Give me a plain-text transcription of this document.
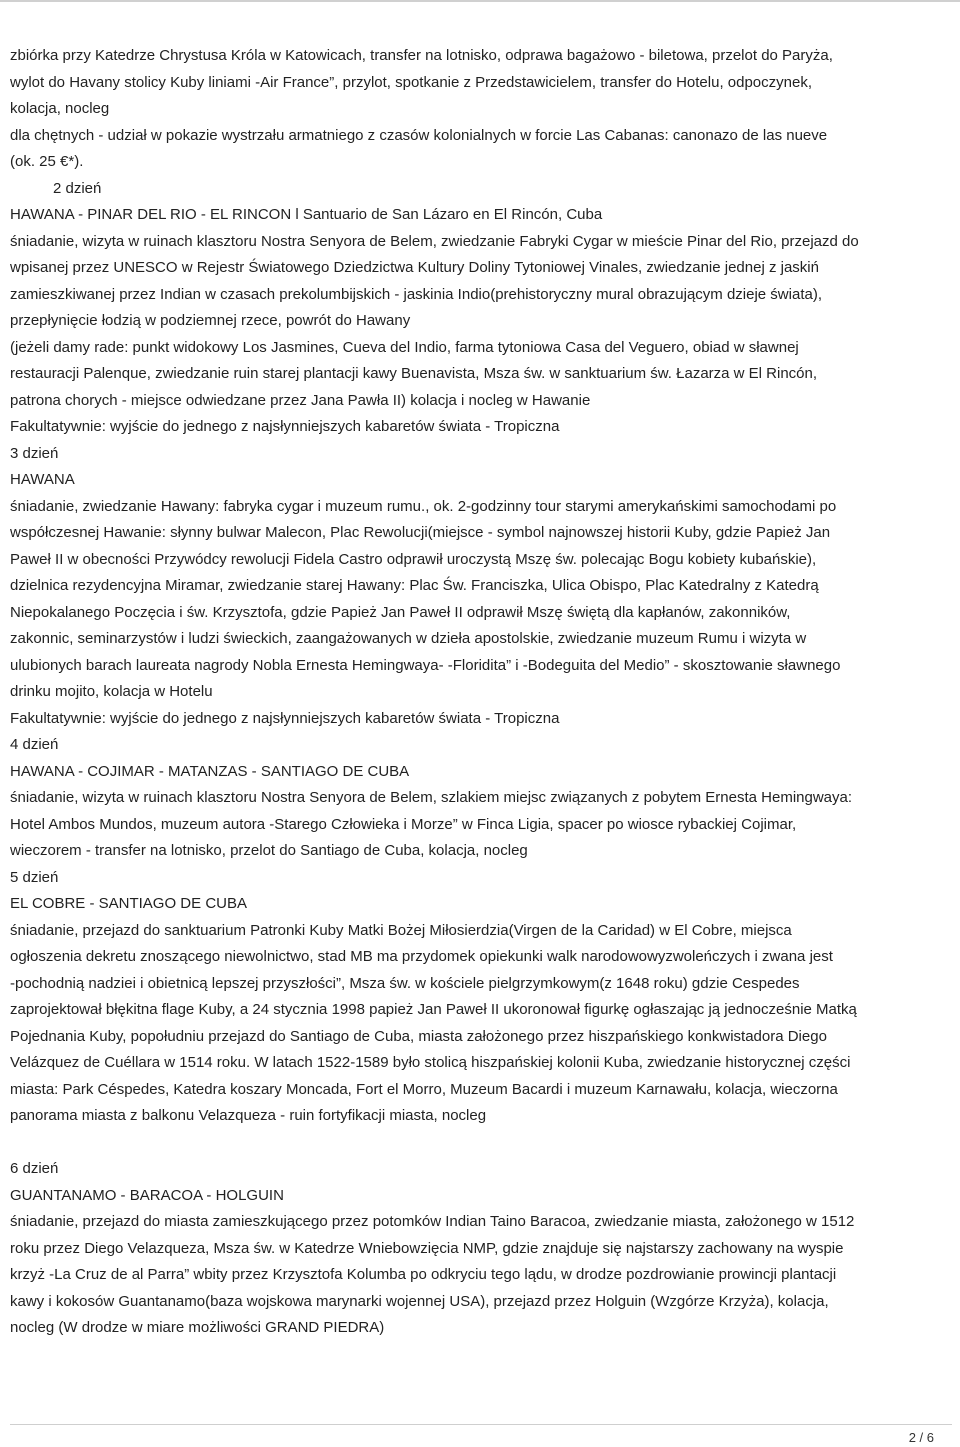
zbiórka przy Katedrze Chrystusa Króla w Katowicach, transfer na lotnisko, odprawa bagażowo - biletowa, przelot do Paryża,
wylot do Havany stolicy Kuby liniami -Air France”, przylot, spotkanie z Przedstawicielem, transfer do Hotelu, odpoczynek,
kolacja, nocleg
dla chętnych - udział w pokazie wystrzału armatniego z czasów kolonialnych w forcie Las Cabanas: canonazo de las nueve
(ok. 25 €*).
2 dzień
HAWANA - PINAR DEL RIO - EL RINCON l Santuario de San Lázaro en El Rincón, Cuba
śniadanie, wizyta w ruinach klasztoru Nostra Senyora de Belem, zwiedzanie Fabryki Cygar w mieście Pinar del Rio, przejazd do
wpisanej przez UNESCO w Rejestr Światowego Dziedzictwa Kultury Doliny Tytoniowej Vinales, zwiedzanie jednej z jaskiń
zamieszkiwanej przez Indian w czasach prekolumbijskich - jaskinia Indio(prehistoryczny mural obrazującym dzieje świata),
przepłynięcie łodzią w podziemnej rzece, powrót do Hawany
(jeżeli damy rade: punkt widokowy Los Jasmines, Cueva del Indio, farma tytoniowa Casa del Veguero, obiad w sławnej
restauracji Palenque, zwiedzanie ruin starej plantacji kawy Buenavista, Msza św. w sanktuarium św. Łazarza w El Rincón,
patrona chorych - miejsce odwiedzane przez Jana Pawła II) kolacja i nocleg w Hawanie
Fakultatywnie: wyjście do jednego z najsłynniejszych kabaretów świata - Tropiczna
3 dzień
HAWANA
śniadanie, zwiedzanie Hawany: fabryka cygar i muzeum rumu., ok. 2-godzinny tour starymi amerykańskimi samochodami po
współczesnej Hawanie: słynny bulwar Malecon, Plac Rewolucji(miejsce - symbol najnowszej historii Kuby, gdzie Papież Jan
Paweł II w obecności Przywódcy rewolucji Fidela Castro odprawił uroczystą Mszę św. polecając Bogu kobiety kubańskie),
dzielnica rezydencyjna Miramar, zwiedzanie starej Hawany: Plac Św. Franciszka, Ulica Obispo, Plac Katedralny z Katedrą
Niepokalanego Poczęcia i św. Krzysztofa, gdzie Papież Jan Paweł II odprawił Mszę świętą dla kapłanów, zakonników,
zakonnic, seminarzystów i ludzi świeckich, zaangażowanych w dzieła apostolskie, zwiedzanie muzeum Rumu i wizyta w
ulubionych barach laureata nagrody Nobla Ernesta Hemingwaya- -Floridita” i -Bodeguita del Medio” - skosztowanie sławnego
drinku mojito, kolacja w Hotelu
Fakultatywnie: wyjście do jednego z najsłynniejszych kabaretów świata - Tropiczna
4 dzień
HAWANA - COJIMAR - MATANZAS - SANTIAGO DE CUBA
śniadanie, wizyta w ruinach klasztoru Nostra Senyora de Belem, szlakiem miejsc związanych z pobytem Ernesta Hemingwaya:
Hotel Ambos Mundos, muzeum autora -Starego Człowieka i Morze” w Finca Ligia, spacer po wiosce rybackiej Cojimar,
wieczorem - transfer na lotnisko, przelot do Santiago de Cuba, kolacja, nocleg
5 dzień
EL COBRE - SANTIAGO DE CUBA
śniadanie, przejazd do sanktuarium Patronki Kuby Matki Bożej Miłosierdzia(Virgen de la Caridad) w El Cobre, miejsca
ogłoszenia dekretu znoszącego niewolnictwo, stad MB ma przydomek opiekunki walk narodowowyzwoleńczych i zwana jest
-pochodnią nadziei i obietnicą lepszej przyszłości”, Msza św. w kościele pielgrzymkowym(z 1648 roku) gdzie Cespedes
zaprojektował błękitna flage Kuby, a 24 stycznia 1998 papież Jan Paweł II ukoronował figurkę ogłaszając ją jednocześnie Matką
Pojednania Kuby, popołudniu przejazd do Santiago de Cuba, miasta założonego przez hiszpańskiego konkwistadora Diego
Velázquez de Cuéllara w 1514 roku. W latach 1522-1589 było stolicą hiszpańskiej kolonii Kuba, zwiedzanie historycznej części
miasta: Park Céspedes, Katedra koszary Moncada, Fort el Morro, Muzeum Bacardi i muzeum Karnawału, kolacja, wieczorna
panorama miasta z balkonu Velazqueza - ruin fortyfikacji miasta, nocleg
6 dzień
GUANTANAMO - BARACOA - HOLGUIN
śniadanie, przejazd do miasta zamieszkującego przez potomków Indian Taino Baracoa, zwiedzanie miasta, założonego w 1512
roku przez Diego Velazqueza, Msza św. w Katedrze Wniebowzięcia NMP, gdzie znajduje się najstarszy zachowany na wyspie
krzyż -La Cruz de al Parra” wbity przez Krzysztofa Kolumba po odkryciu tego lądu, w drodze pozdrowianie prowincji plantacji
kawy i kokosów Guantanamo(baza wojskowa marynarki wojennej USA), przejazd przez Holguin (Wzgórze Krzyża), kolacja,
nocleg (W drodze w miare możliwości GRAND PIEDRA)
2 / 6
